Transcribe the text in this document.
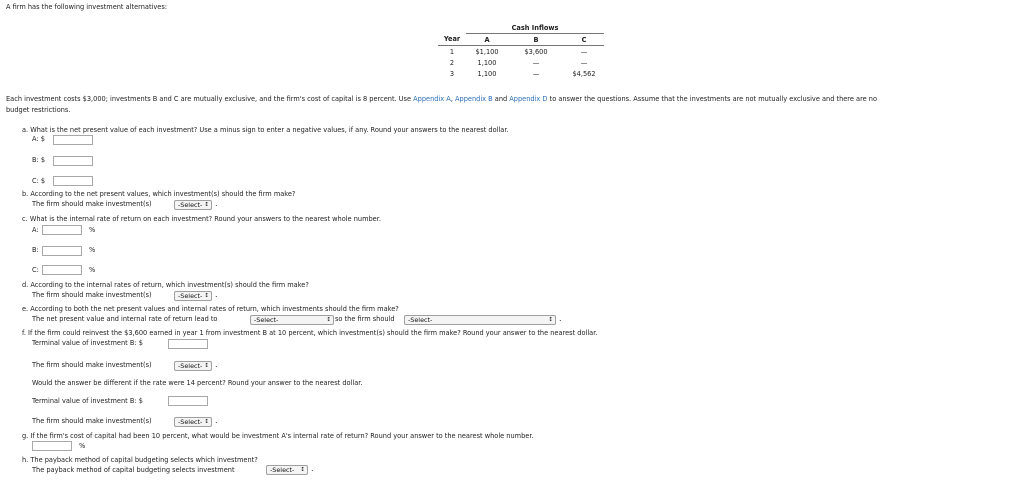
A firm has the following investment alternatives:
	Cash Inflows		
Year	A	B	C
1	$1,100	$3,600	—
2	1,100	—	—
3	1,100	—	$4,562
Each investment costs $3,000; investments B and C are mutually exclusive, and the firm's cost of capital is 8 percent. Use Appendix A, Appendix B and Appendix D to answer the questions. Assume that the investments are not mutually exclusive and there are no
budget restrictions.
a. What is the net present value of each investment? Use a minus sign to enter a negative values, if any. Round your answers to the nearest dollar.
A: $
B: $
C: $
b. According to the net present values, which investment(s) should the firm make?
The firm should make investment(s)	-Select- ↕ .
c. What is the internal rate of return on each investment? Round your answers to the nearest whole number.
A:	%
B:	%
C:	%
d. According to the internal rates of return, which investment(s) should the firm make?
The firm should make investment(s)	-Select- ↕ .
e. According to both the net present values and internal rates of return, which investments should the firm make?
The net present value and internal rate of return lead to	-Select-	↕ so the firm should	-Select-	↕ .
f. If the firm could reinvest the $3,600 earned in year 1 from investment B at 10 percent, which investment(s) should the firm make? Round your answer to the nearest dollar.
Terminal value of investment B: $
The firm should make investment(s)	-Select- ↕ .
Would the answer be different if the rate were 14 percent? Round your answer to the nearest dollar.
Terminal value of investment B: $
The firm should make investment(s)	-Select- ↕ .
g. If the firm's cost of capital had been 10 percent, what would be investment A's internal rate of return? Round your answer to the nearest whole number.
%
h. The payback method of capital budgeting selects which investment?
The payback method of capital budgeting selects investment	-Select- ↕ .
